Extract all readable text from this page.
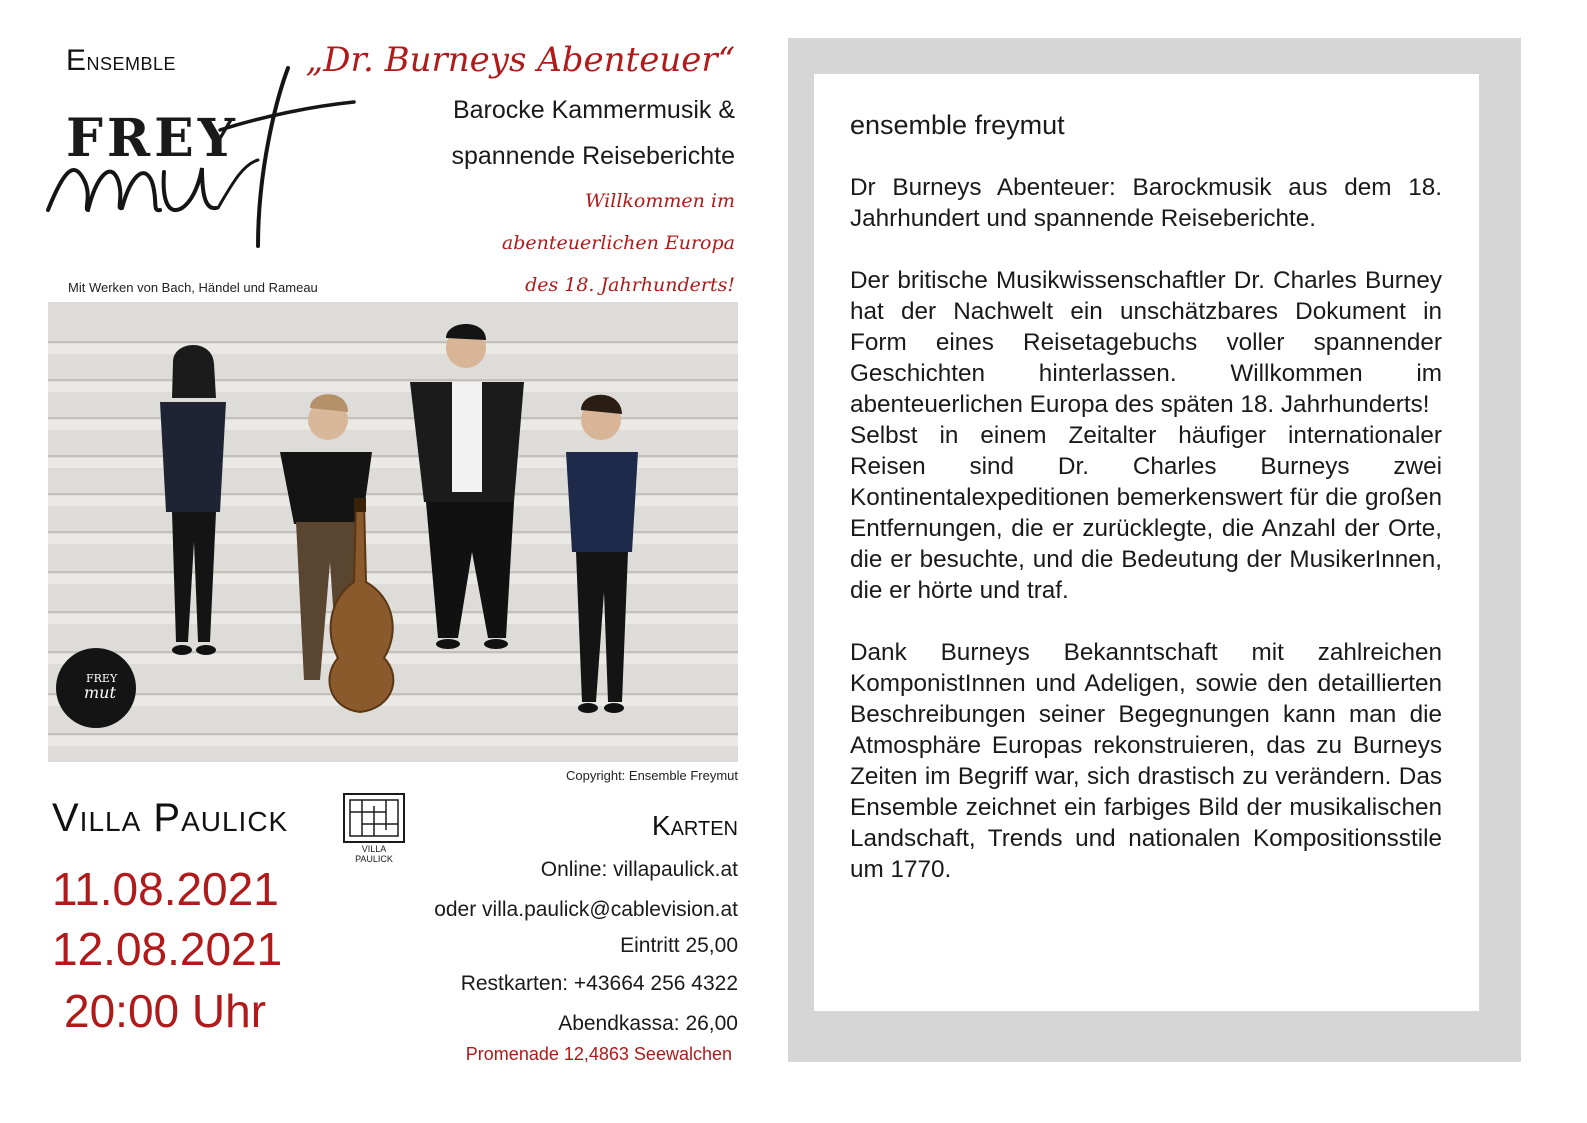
Ensemble
FREY
„Dr. Burneys Abenteuer“
Barocke Kammermusik &
spannende Reiseberichte
Willkommen im
abenteuerlichen Europa
des 18. Jahrhunderts!
Mit Werken von Bach, Händel und Rameau
FREY
mut
Copyright: Ensemble Freymut
Villa Paulick
VILLA
PAULICK
11.08.2021
12.08.2021
20:00 Uhr
Karten
Online: villapaulick.at
oder villa.paulick@cablevision.at
Eintritt 25,00
Restkarten: +43664 256 4322
Abendkassa: 26,00
Promenade 12,4863 Seewalchen
ensemble freymut

Dr Burneys Abenteuer: Barockmusik aus dem 18. Jahrhundert und spannende Reiseberichte.

Der britische Musikwissenschaftler Dr. Charles Burney hat der Nachwelt ein unschätzbares Dokument in Form eines Reisetagebuchs voller spannender Geschichten hinterlassen. Willkommen im abenteuerlichen Europa des späten 18. Jahrhunderts!

Selbst in einem Zeitalter häufiger internationaler Reisen sind Dr. Charles Burneys zwei Kontinentalexpeditionen bemerkenswert für die großen Entfernungen, die er zurücklegte, die Anzahl der Orte, die er besuchte, und die Bedeutung der MusikerInnen, die er hörte und traf.

Dank Burneys Bekanntschaft mit zahlreichen KomponistInnen und Adeligen, sowie den detaillierten Beschreibungen seiner Begegnungen kann man die Atmosphäre Europas rekonstruieren, das zu Burneys Zeiten im Begriff war, sich drastisch zu verändern. Das Ensemble zeichnet ein farbiges Bild der musikalischen Landschaft, Trends und nationalen Kompositionsstile um 1770.
